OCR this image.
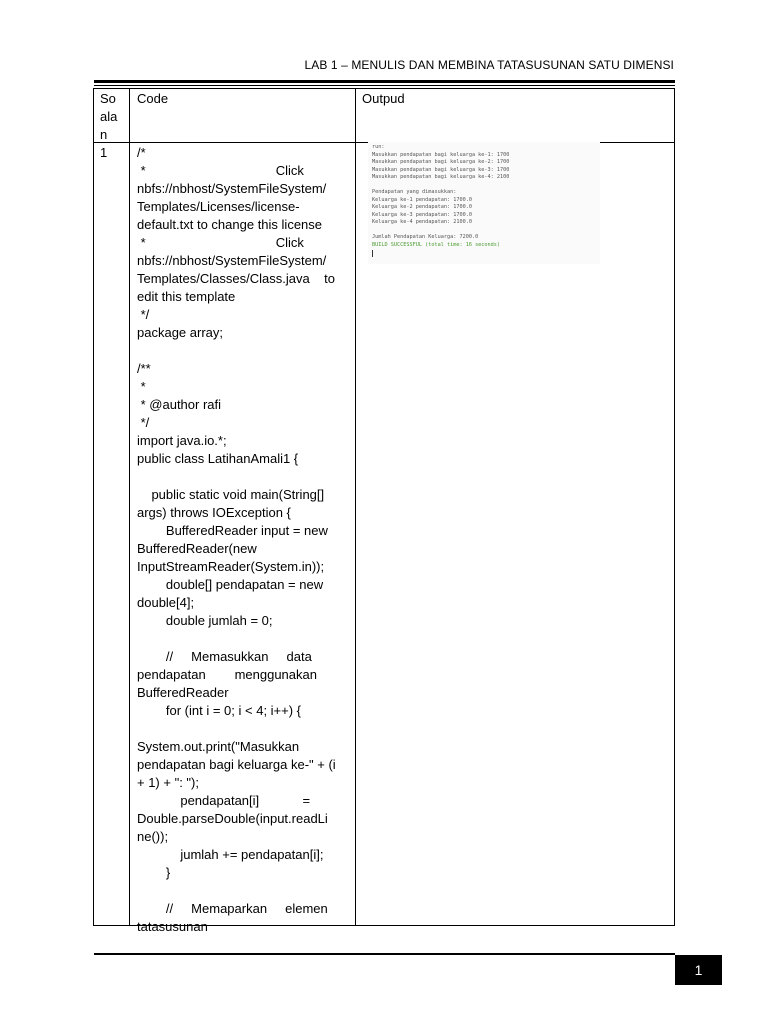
LAB 1 – MENULIS DAN MEMBINA TATASUSUNAN SATU DIMENSI
So
ala
n
Code	Outpud
1	/*
*                                    Click
nbfs://nbhost/SystemFileSystem/
Templates/Licenses/license-
default.txt to change this license
*                                    Click
nbfs://nbhost/SystemFileSystem/
Templates/Classes/Class.java    to
edit this template
*/
package array;
/**
*
* @author rafi
*/
import java.io.*;
public class LatihanAmali1 {
public static void main(String[]
args) throws IOException {
BufferedReader input = new
BufferedReader(new
InputStreamReader(System.in));
double[] pendapatan = new
double[4];
double jumlah = 0;
//     Memasukkan     data
pendapatan        menggunakan
BufferedReader
for (int i = 0; i < 4; i++) {
System.out.print("Masukkan
pendapatan bagi keluarga ke-" + (i
+ 1) + ": ");
pendapatan[i]            =
Double.parseDouble(input.readLi
ne());
jumlah += pendapatan[i];
}
//     Memaparkan     elemen
tatasusunan
run:
Masukkan pendapatan bagi keluarga ke-1: 1700
Masukkan pendapatan bagi keluarga ke-2: 1700
Masukkan pendapatan bagi keluarga ke-3: 1700
Masukkan pendapatan bagi keluarga ke-4: 2100
Pendapatan yang dimasukkan:
Keluarga ke-1 pendapatan: 1700.0
Keluarga ke-2 pendapatan: 1700.0
Keluarga ke-3 pendapatan: 1700.0
Keluarga ke-4 pendapatan: 2100.0
Jumlah Pendapatan Keluarga: 7200.0
BUILD SUCCESSFUL (total time: 16 seconds)
1
